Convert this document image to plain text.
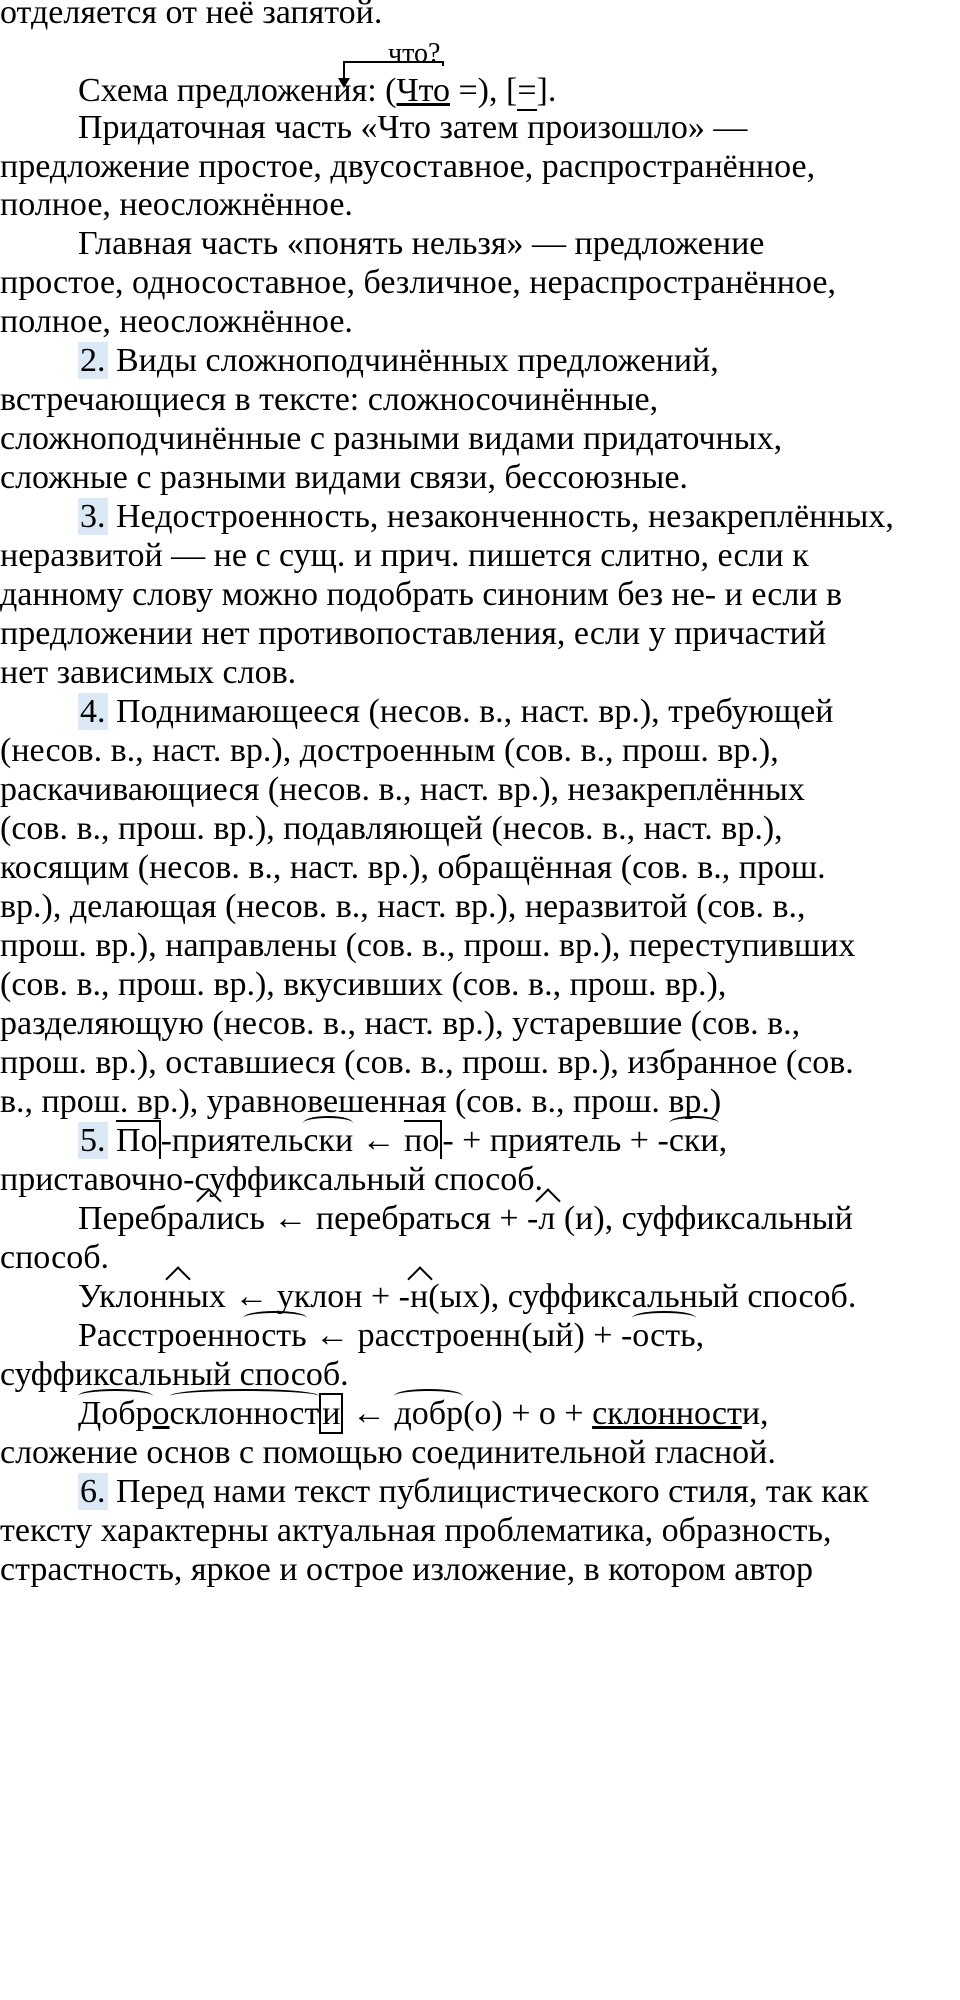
отделяется от неё запятой.
что?
Схема предложения: (Что =), [=].
Придаточная часть «Что затем произошло» —
предложение простое, двусоставное, распространённое,
полное, неосложнённое.
Главная часть «понять нельзя» — предложение
простое, односоставное, безличное, нераспространённое,
полное, неосложнённое.
2. Виды сложноподчинённых предложений,
встречающиеся в тексте: сложносочинённые,
сложноподчинённые с разными видами придаточных,
сложные с разными видами связи, бессоюзные.
3. Недостроенность, незаконченность, незакреплённых,
неразвитой — не с сущ. и прич. пишется слитно, если к
данному слову можно подобрать синоним без не- и если в
предложении нет противопоставления, если у причастий
нет зависимых слов.
4. Поднимающееся (несов. в., наст. вр.), требующей
(несов. в., наст. вр.), достроенным (сов. в., прош. вр.),
раскачивающиеся (несов. в., наст. вр.), незакреплённых
(сов. в., прош. вр.), подавляющей (несов. в., наст. вр.),
косящим (несов. в., наст. вр.), обращённая (сов. в., прош.
вр.), делающая (несов. в., наст. вр.), неразвитой (сов. в.,
прош. вр.), направлены (сов. в., прош. вр.), переступивших
(сов. в., прош. вр.), вкусивших (сов. в., прош. вр.),
разделяющую (несов. в., наст. вр.), устаревшие (сов. в.,
прош. вр.), оставшиеся (сов. в., прош. вр.), избранное (сов.
в., прош. вр.), уравновешенная (сов. в., прош. вр.)
5. По-приятельски ← по- + приятель + -ски,
приставочно-суффиксальный способ.
Перебрались ← перебраться + -л (и), суффиксальный
способ.
Уклонных ← уклон + -н(ых), суффиксальный способ.
Расстроенность ← расстроенн(ый) + -ость,
суффиксальный способ.
Добросклонности ← добр(о) + о + склонности,
сложение основ с помощью соединительной гласной.
6. Перед нами текст публицистического стиля, так как
тексту характерны актуальная проблематика, образность,
страстность, яркое и острое изложение, в котором автор
